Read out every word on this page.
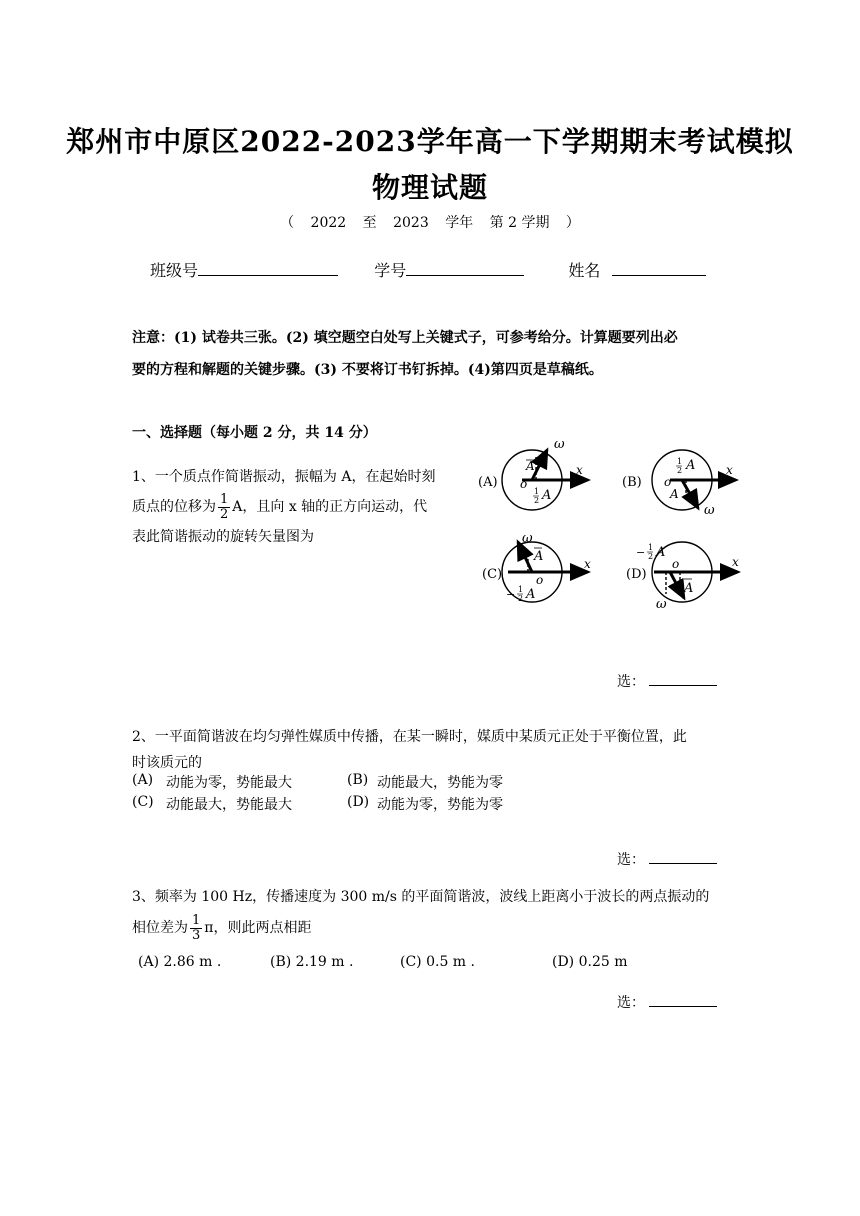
郑州市中原区2022-2023学年高一下学期期末考试模拟
物理试题
（ 2022 至 2023 学年 第 2 学期 ）
班级号	学号	姓名
注意：(1) 试卷共三张。(2) 填空题空白处写上关键式子，可参考给分。计算题要列出必
要的方程和解题的关键步骤。(3) 不要将订书钉拆掉。(4)第四页是草稿纸。
一、选择题（每小题 2 分，共 14 分）
1、一个质点作简谐振动，振幅为 A，在起始时刻
质点的位移为 $\frac{1}{2}$ A，且向 x 轴的正方向运动，代
表此简谐振动的旋转矢量图为
(A)
x
ω
A
o
1
2 A
(B)
x
ω
1
2 A
o
A
(C)
x
ω
A
o
− 1
2 A
(D)
x
ω
− 1
2 A
o
A
选：
2、一平面简谐波在均匀弹性媒质中传播，在某一瞬时，媒质中某质元正处于平衡位置，此
时该质元的
(A) 动能为零，势能最大	(B) 动能最大，势能为零
(C) 动能最大，势能最大	(D) 动能为零，势能为零
选：
3、频率为 100 Hz，传播速度为 300 m/s 的平面简谐波，波线上距离小于波长的两点振动的
相位差为 $\frac{1}{3}$ π，则此两点相距
(A) 2.86 m .	(B) 2.19 m .	(C) 0.5 m .	(D) 0.25 m
选：
